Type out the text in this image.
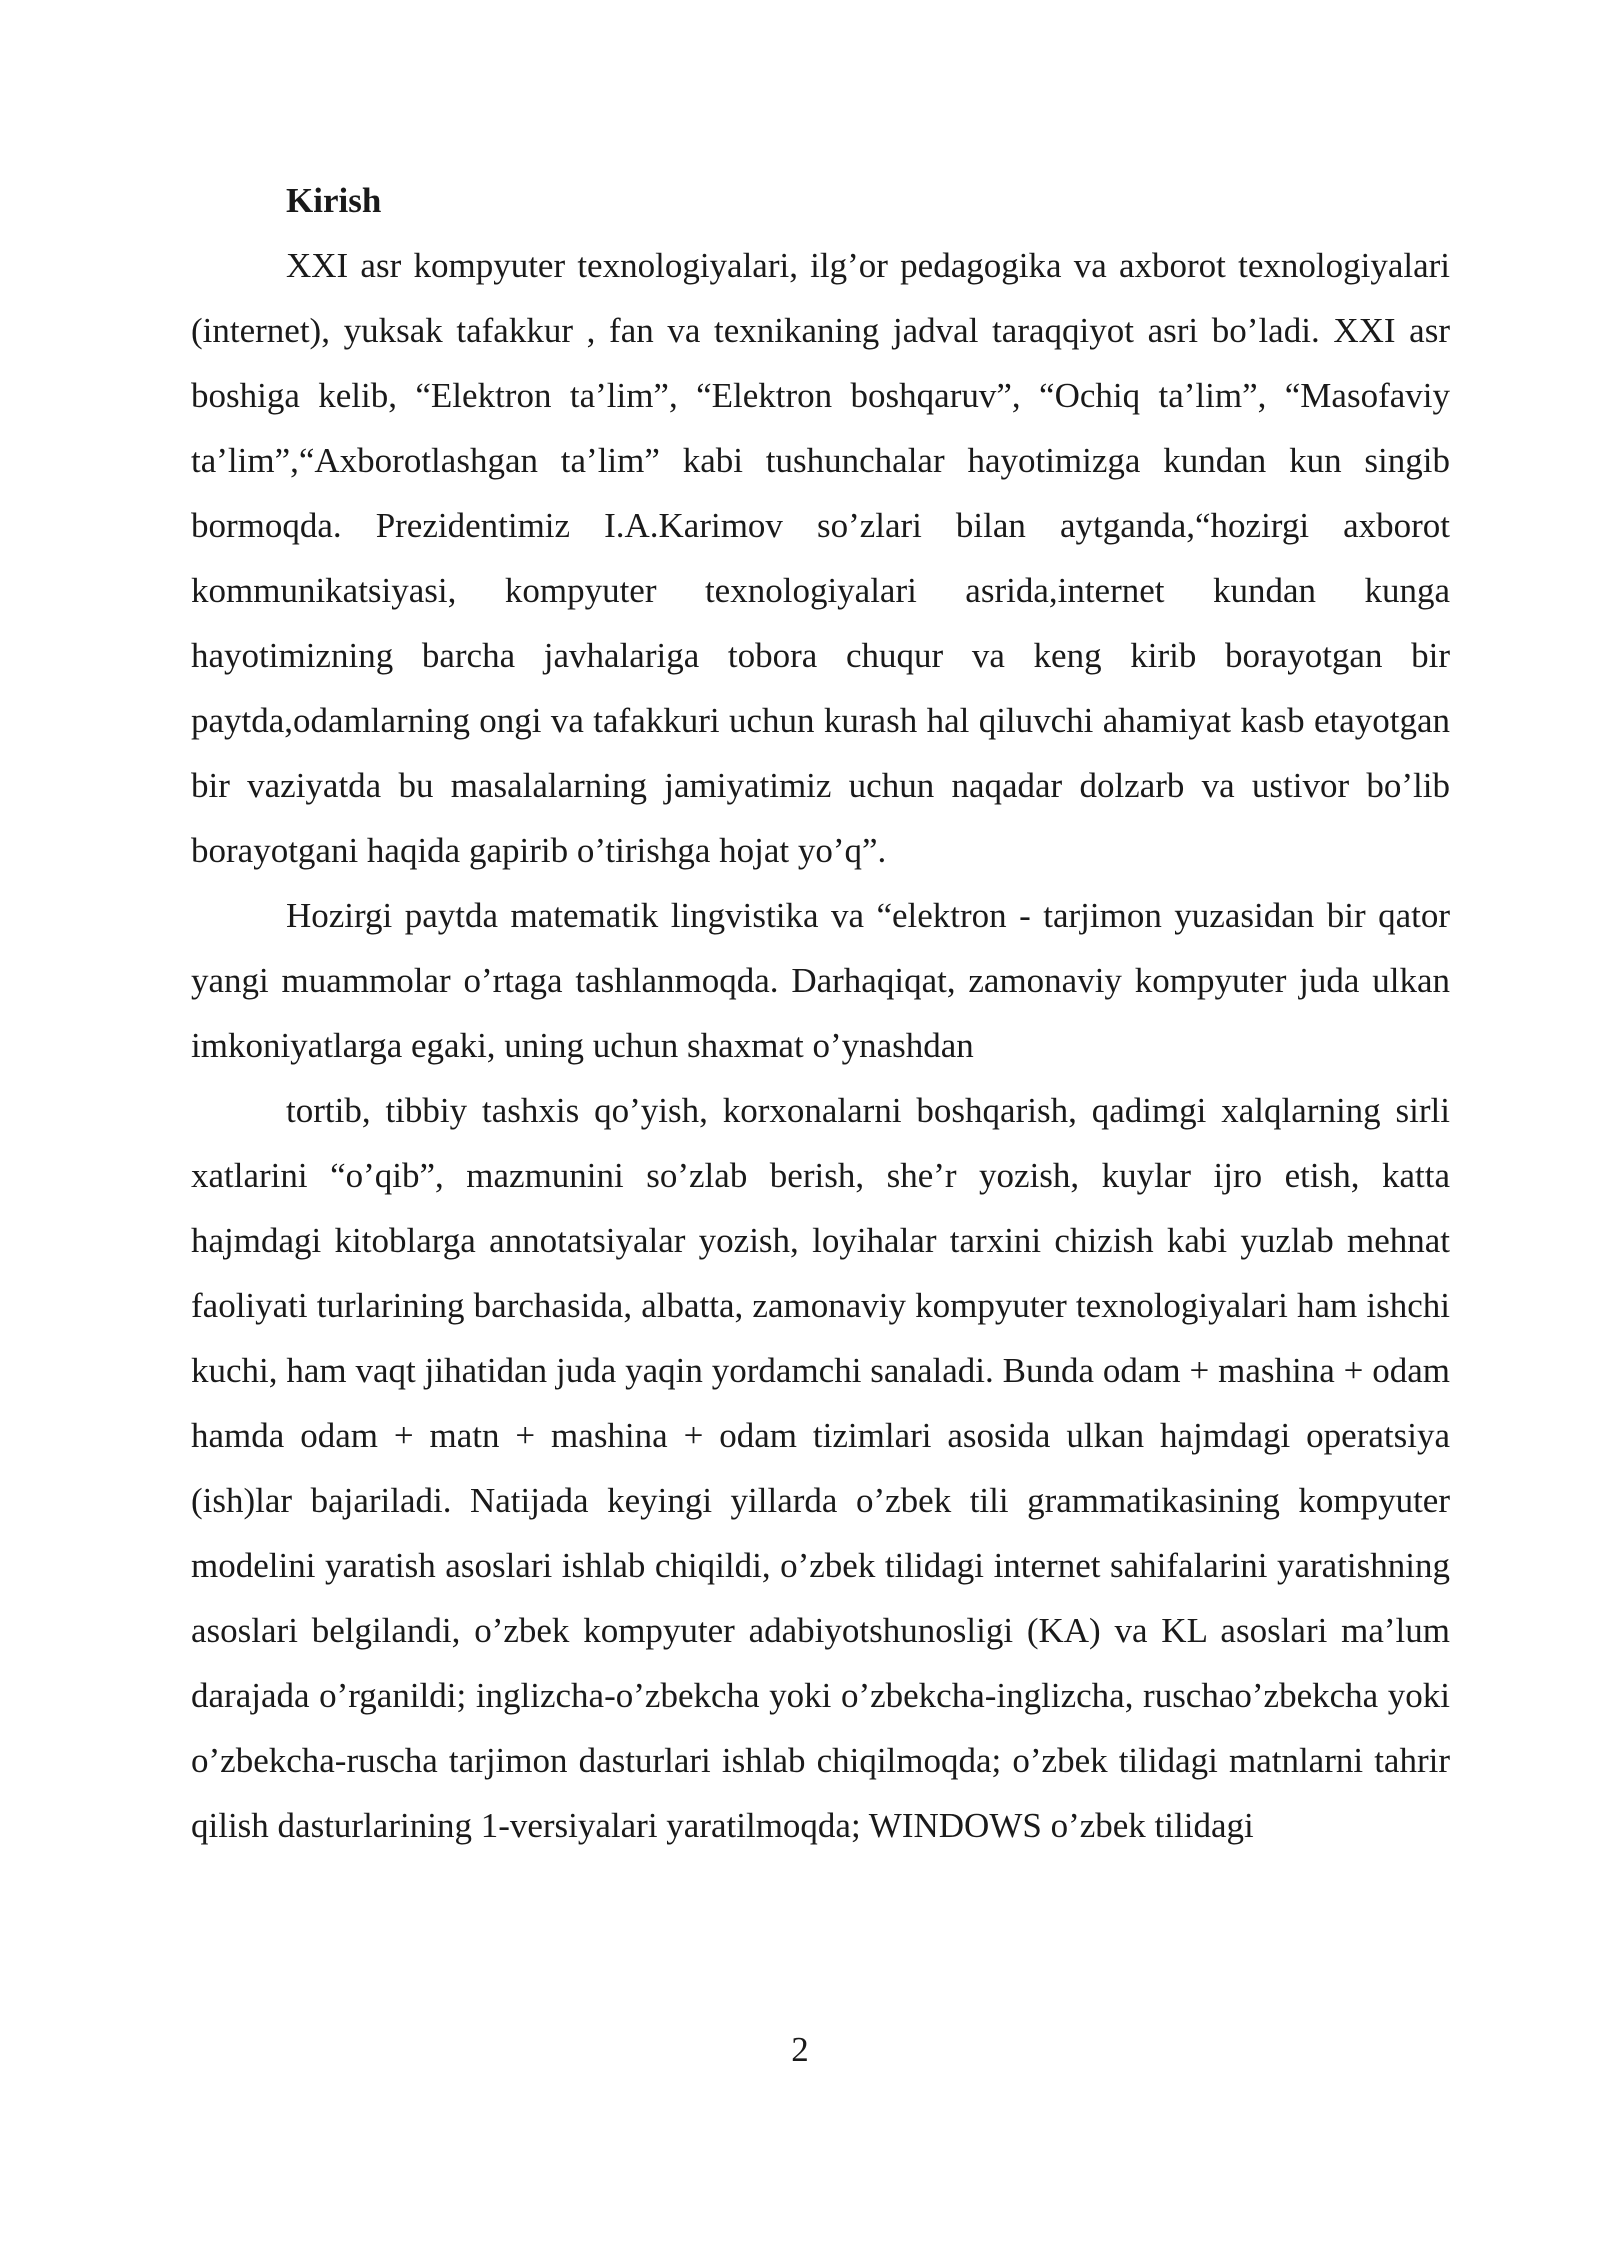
Kirish

XXI asr kompyuter texnologiyalari, ilg’or pedagogika va axborot texnologiyalari (internet), yuksak tafakkur , fan va texnikaning jadval taraqqiyot asri bo’ladi. XXI asr boshiga kelib, “Elektron ta’lim”, “Elektron boshqaruv”, “Ochiq ta’lim”, “Masofaviy ta’lim”,“Axborotlashgan ta’lim” kabi tushunchalar hayotimizga kundan kun singib bormoqda. Prezidentimiz I.A.Karimov so’zlari bilan aytganda,“hozirgi axborot kommunikatsiyasi, kompyuter texnologiyalari asrida,internet kundan kunga hayotimizning barcha javhalariga tobora chuqur va keng kirib borayotgan bir paytda,odamlarning ongi va tafakkuri uchun kurash hal qiluvchi ahamiyat kasb etayotgan bir vaziyatda bu masalalarning jamiyatimiz uchun naqadar dolzarb va ustivor bo’lib borayotgani haqida gapirib o’tirishga hojat yo’q”.

Hozirgi paytda matematik lingvistika va “elektron - tarjimon yuzasidan bir qator yangi muammolar o’rtaga tashlanmoqda. Darhaqiqat, zamonaviy kompyuter juda ulkan imkoniyatlarga egaki, uning uchun shaxmat o’ynashdan

tortib, tibbiy tashxis qo’yish, korxonalarni boshqarish, qadimgi xalqlarning sirli xatlarini “o’qib”, mazmunini so’zlab berish, she’r yozish, kuylar ijro etish, katta hajmdagi kitoblarga annotatsiyalar yozish, loyihalar tarxini chizish kabi yuzlab mehnat faoliyati turlarining barchasida, albatta, zamonaviy kompyuter texnologiyalari ham ishchi kuchi, ham vaqt jihatidan juda yaqin yordamchi sanaladi. Bunda odam + mashina + odam hamda odam + matn + mashina + odam tizimlari asosida ulkan hajmdagi operatsiya (ish)lar bajariladi. Natijada keyingi yillarda o’zbek tili grammatikasining kompyuter modelini yaratish asoslari ishlab chiqildi, o’zbek tilidagi internet sahifalarini yaratishning asoslari belgilandi, o’zbek kompyuter adabiyotshunosligi (KA) va KL asoslari ma’lum darajada o’rganildi; inglizcha-o’zbekcha yoki o’zbekcha-inglizcha, ruschao’zbekcha yoki o’zbekcha-ruscha tarjimon dasturlari ishlab chiqilmoqda; o’zbek tilidagi matnlarni tahrir qilish dasturlarining 1-versiyalari yaratilmoqda; WINDOWS o’zbek tilidagi

2
